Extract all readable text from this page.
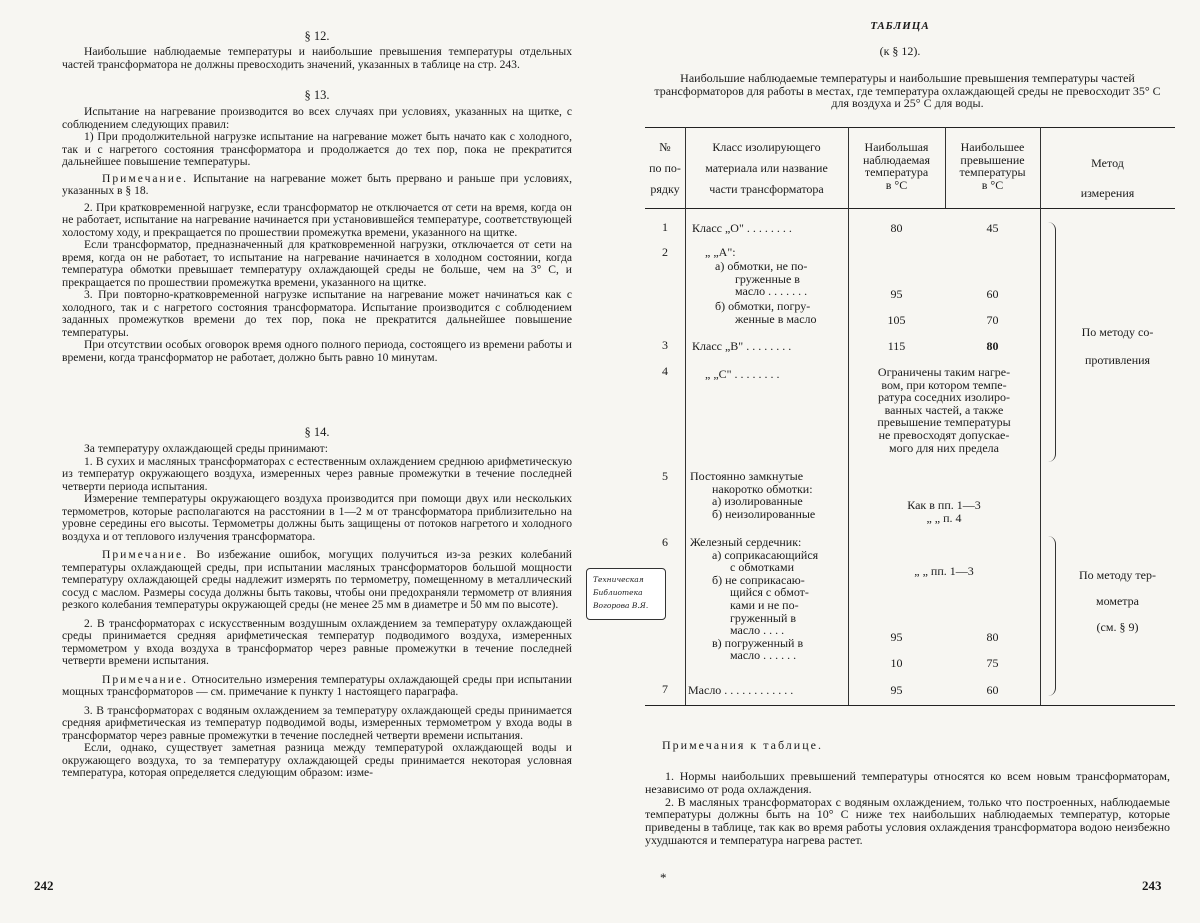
§ 12.

Наибольшие наблюдаемые температуры и наибольшие превышения температуры отдельных частей трансформатора не должны превосходить значений, указанных в таблице на стр. 243.

§ 13.

Испытание на нагревание производится во всех случаях при условиях, указанных на щитке, с соблюдением следующих правил:

1) При продолжительной нагрузке испытание на нагревание может быть начато как с холодного, так и с нагретого состояния трансформатора и продолжается до тех пор, пока не прекратится дальнейшее повышение температуры.

Примечание. Испытание на нагревание может быть прервано и раньше при условиях, указанных в § 18.

2. При кратковременной нагрузке, если трансформатор не отключается от сети на время, когда он не работает, испытание на нагревание начинается при установившейся температуре, соответствующей холостому ходу, и прекращается по прошествии промежутка времени, указанного на щитке.

Если трансформатор, предназначенный для кратковременной нагрузки, отключается от сети на время, когда он не работает, то испытание на нагревание начинается в холодном состоянии, когда температура обмотки превышает температуру охлаждающей среды не больше, чем на 3° C, и прекращается по прошествии промежутка времени, указанного на щитке.

3. При повторно-кратковременной нагрузке испытание на нагревание может начинаться как с холодного, так и с нагретого состояния трансформатора. Испытание производится с соблюдением заданных промежутков времени до тех пор, пока не прекратится дальнейшее повышение температуры.

При отсутствии особых оговорок время одного полного периода, состоящего из времени работы и времени, когда трансформатор не работает, должно быть равно 10 минутам.

§ 14.

За температуру охлаждающей среды принимают:

1. В сухих и масляных трансформаторах с естественным охлаждением среднюю арифметическую из температур окружающего воздуха, измеренных через равные промежутки в течение последней четверти периода испытания.

Измерение температуры окружающего воздуха производится при помощи двух или нескольких термометров, которые располагаются на расстоянии в 1—2 м от трансформатора приблизительно на уровне середины его высоты. Термометры должны быть защищены от потоков нагретого и холодного воздуха и от теплового излучения трансформатора.

Примечание. Во избежание ошибок, могущих получиться из-за резких колебаний температуры охлаждающей среды, при испытании масляных трансформаторов большой мощности температуру охлаждающей среды надлежит измерять по термометру, помещенному в металлический сосуд с маслом. Размеры сосуда должны быть таковы, чтобы они предохраняли термометр от влияния резкого колебания температуры окружающей среды (не менее 25 мм в диаметре и 50 мм по высоте).

2. В трансформаторах с искусственным воздушным охлаждением за температуру охлаждающей среды принимается средняя арифметическая температур подводимого воздуха, измеренных термометром у входа воздуха в трансформатор через равные промежутки в течение последней четверти времени испытания.

Примечание. Относительно измерения температуры охлаждающей среды при испытании мощных трансформаторов — см. примечание к пункту 1 настоящего параграфа.

3. В трансформаторах с водяным охлаждением за температуру охлаждающей среды принимается средняя арифметическая из температур подводимой воды, измеренных термометром у входа воды в трансформатор через равные промежутки в течение последней четверти времени испытания.

Если, однако, существует заметная разница между температурой охлаждающей воды и окружающего воздуха, то за температуру охлаждающей среды принимается некоторая условная температура, которая определяется следующим образом: изме-

242
Техническая
Библиотека
Вогорова В.Я.
ТАБЛИЦА
(к § 12).
Наибольшие наблюдаемые температуры и наибольшие превышения температуры частей трансформаторов для работы в местах, где температура охлаждающей среды не превосходит 35° С для воздуха и 25° С для воды.
№
по по-
рядку
Класс изолирующего
материала или название
части трансформатора
Наибольшая
наблюдаемая
температура
в °С
Наибольшее
превышение
температуры
в °С
Метод
измерения
1	Класс „О" . . . . . . . .	80	45
2	„ „А":
а) обмотки, не по-
груженные в
масло . . . . . . .	95	60
б) обмотки, погру-
женные в масло	105	70
3	Класс „В" . . . . . . . .	115	80
4	„ „С" . . . . . . . .	Ограничены таким нагре-
вом, при котором темпе-
ратура соседних изолиро-
ванных частей, а также
превышение температуры
не превосходят допускае-
мого для них предела
По методу со-
противления
5	Постоянно замкнутые
накоротко обмотки:
а) изолированные
б) неизолированные
Как в пп. 1—3
„ „ п. 4
6	Железный сердечник:
а) соприкасающийся
с обмотками
б) не соприкасаю-
щийся с обмот-
ками и не по-
груженный в
масло . . . .
в) погруженный в
масло . . . . . .
„ „ пп. 1—3
95	80
10	75
7	Масло . . . . . . . . . . . .	95	60
По методу тер-
мометра
(см. § 9)
Примечания к таблице.

1. Нормы наибольших превышений температуры относятся ко всем новым трансформаторам, независимо от рода охлаждения.

2. В масляных трансформаторах с водяным охлаждением, только что построенных, наблюдаемые температуры должны быть на 10° С ниже тех наибольших наблюдаемых температур, которые приведены в таблице, так как во время работы условия охлаждения трансформатора водою неизбежно ухудшаются и температура нагрева растет.

*
243
